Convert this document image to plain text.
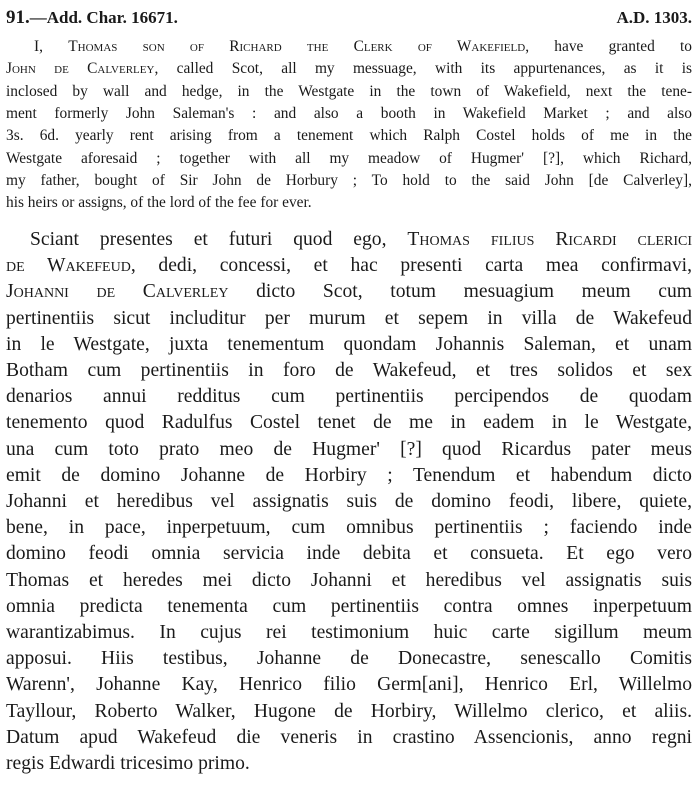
91.—Add. Char. 16671.	A.D. 1303.
I, Thomas son of Richard the Clerk of Wakefield, have granted to
John de Calverley, called Scot, all my messuage, with its appurtenances, as it is
inclosed by wall and hedge, in the Westgate in the town of Wakefield, next the tene-
ment formerly John Saleman's : and also a booth in Wakefield Market ; and also
3s. 6d. yearly rent arising from a tenement which Ralph Costel holds of me in the
Westgate aforesaid ; together with all my meadow of Hugmer' [?], which Richard,
my father, bought of Sir John de Horbury ; To hold to the said John [de Calverley],
his heirs or assigns, of the lord of the fee for ever.
Sciant presentes et futuri quod ego, Thomas filius Ricardi clerici
de Wakefeud, dedi, concessi, et hac presenti carta mea confirmavi,
Johanni de Calverley dicto Scot, totum mesuagium meum cum
pertinentiis sicut includitur per murum et sepem in villa de Wakefeud
in le Westgate, juxta tenementum quondam Johannis Saleman, et unam
Botham cum pertinentiis in foro de Wakefeud, et tres solidos et sex
denarios annui redditus cum pertinentiis percipendos de quodam
tenemento quod Radulfus Costel tenet de me in eadem in le Westgate,
una cum toto prato meo de Hugmer' [?] quod Ricardus pater meus
emit de domino Johanne de Horbiry ; Tenendum et habendum dicto
Johanni et heredibus vel assignatis suis de domino feodi, libere, quiete,
bene, in pace, inperpetuum, cum omnibus pertinentiis ; faciendo inde
domino feodi omnia servicia inde debita et consueta. Et ego vero
Thomas et heredes mei dicto Johanni et heredibus vel assignatis suis
omnia predicta tenementa cum pertinentiis contra omnes inperpetuum
warantizabimus. In cujus rei testimonium huic carte sigillum meum
apposui. Hiis testibus, Johanne de Donecastre, senescallo Comitis
Warenn', Johanne Kay, Henrico filio Germ[ani], Henrico Erl, Willelmo
Tayllour, Roberto Walker, Hugone de Horbiry, Willelmo clerico, et aliis.
Datum apud Wakefeud die veneris in crastino Assencionis, anno regni
regis Edwardi tricesimo primo.
